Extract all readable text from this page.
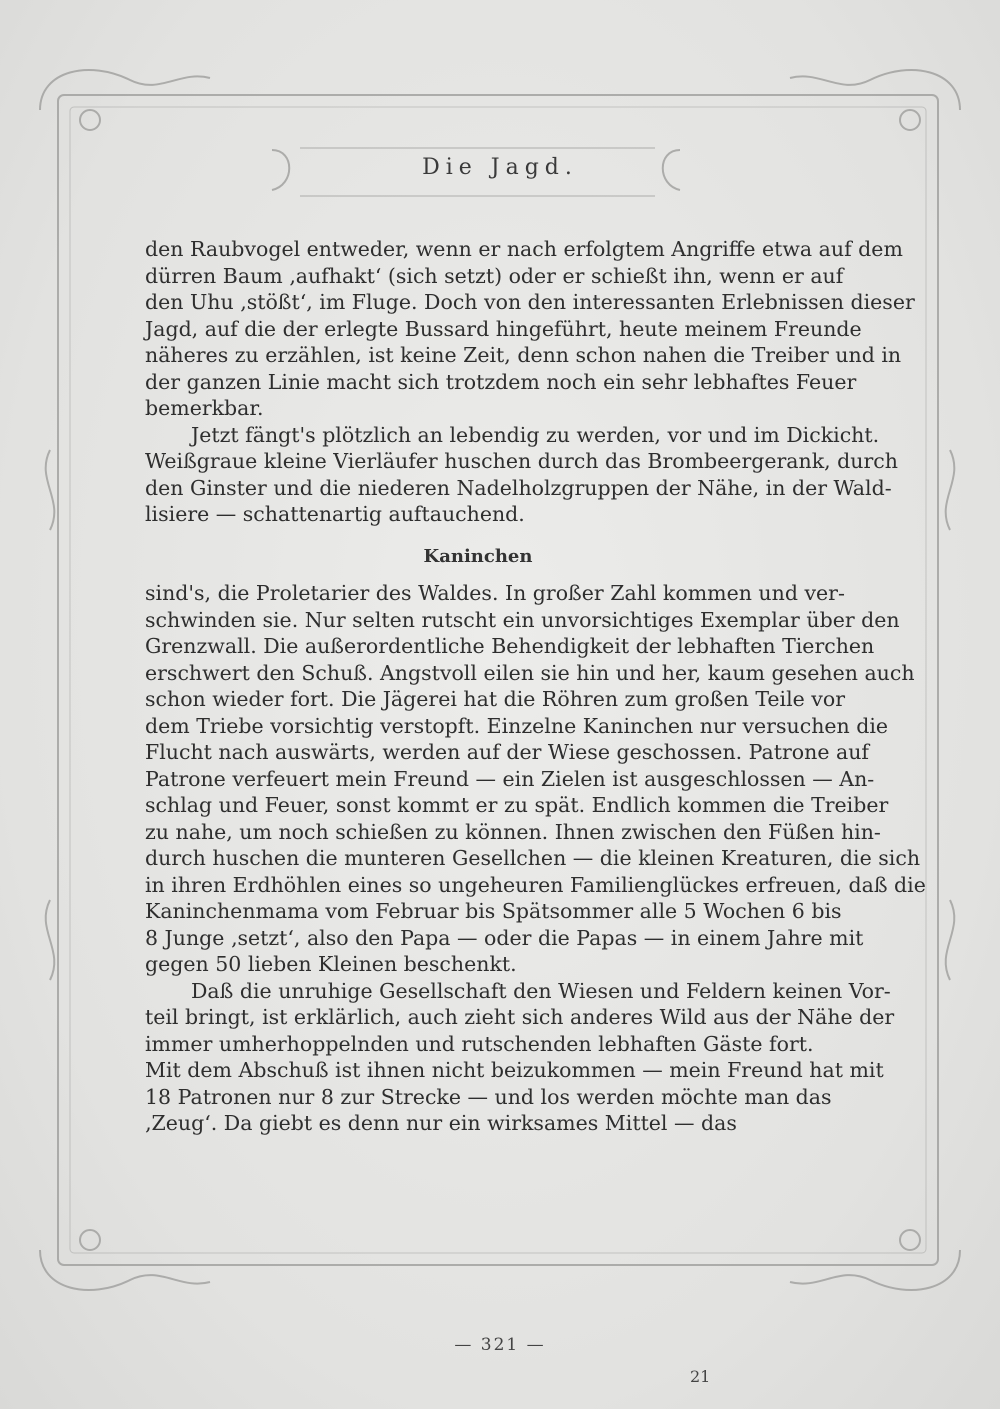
Die Jagd.
den Raubvogel entweder, wenn er nach erfolgtem Angriffe etwa auf dem
dürren Baum ‚aufhakt‘ (sich setzt) oder er schießt ihn, wenn er auf
den Uhu ‚stößt‘, im Fluge. Doch von den interessanten Erlebnissen dieser
Jagd, auf die der erlegte Bussard hingeführt, heute meinem Freunde
näheres zu erzählen, ist keine Zeit, denn schon nahen die Treiber und in
der ganzen Linie macht sich trotzdem noch ein sehr lebhaftes Feuer
bemerkbar.
Jetzt fängt's plötzlich an lebendig zu werden, vor und im Dickicht.
Weißgraue kleine Vierläufer huschen durch das Brombeergerank, durch
den Ginster und die niederen Nadelholzgruppen der Nähe, in der Wald-
lisiere — schattenartig auftauchend.
Kaninchen
sind's, die Proletarier des Waldes. In großer Zahl kommen und ver-
schwinden sie. Nur selten rutscht ein unvorsichtiges Exemplar über den
Grenzwall. Die außerordentliche Behendigkeit der lebhaften Tierchen
erschwert den Schuß. Angstvoll eilen sie hin und her, kaum gesehen auch
schon wieder fort. Die Jägerei hat die Röhren zum großen Teile vor
dem Triebe vorsichtig verstopft. Einzelne Kaninchen nur versuchen die
Flucht nach auswärts, werden auf der Wiese geschossen. Patrone auf
Patrone verfeuert mein Freund — ein Zielen ist ausgeschlossen — An-
schlag und Feuer, sonst kommt er zu spät. Endlich kommen die Treiber
zu nahe, um noch schießen zu können. Ihnen zwischen den Füßen hin-
durch huschen die munteren Gesellchen — die kleinen Kreaturen, die sich
in ihren Erdhöhlen eines so ungeheuren Familienglückes erfreuen, daß die
Kaninchenmama vom Februar bis Spätsommer alle 5 Wochen 6 bis
8 Junge ‚setzt‘, also den Papa — oder die Papas — in einem Jahre mit
gegen 50 lieben Kleinen beschenkt.
Daß die unruhige Gesellschaft den Wiesen und Feldern keinen Vor-
teil bringt, ist erklärlich, auch zieht sich anderes Wild aus der Nähe der
immer umherhoppelnden und rutschenden lebhaften Gäste fort.
Mit dem Abschuß ist ihnen nicht beizukommen — mein Freund hat mit
18 Patronen nur 8 zur Strecke — und los werden möchte man das
‚Zeug‘. Da giebt es denn nur ein wirksames Mittel — das
— 321 —
21
